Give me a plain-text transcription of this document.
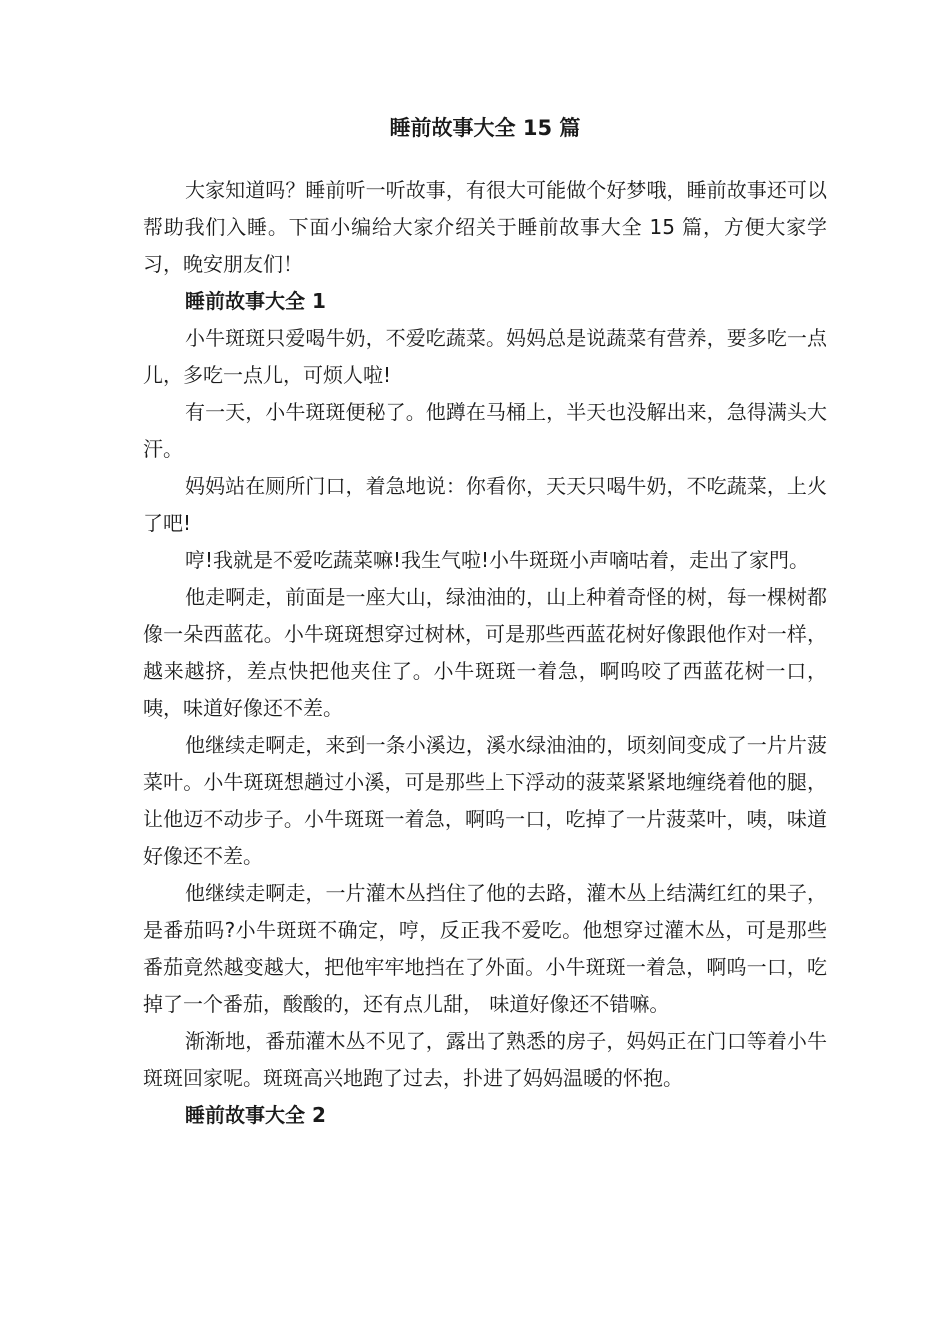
睡前故事大全 15 篇

大家知道吗？睡前听一听故事，有很大可能做个好梦哦，睡前故事还可以帮助我们入睡。下面小编给大家介绍关于睡前故事大全 15 篇，方便大家学习，晚安朋友们！

睡前故事大全 1

小牛斑斑只爱喝牛奶，不爱吃蔬菜。妈妈总是说蔬菜有营养，要多吃一点儿，多吃一点儿，可烦人啦!

有一天，小牛斑斑便秘了。他蹲在马桶上，半天也没解出来，急得满头大汗。

妈妈站在厕所门口，着急地说：你看你，天天只喝牛奶，不吃蔬菜，上火了吧!

哼!我就是不爱吃蔬菜嘛!我生气啦!小牛斑斑小声嘀咕着，走出了家門。

他走啊走，前面是一座大山，绿油油的，山上种着奇怪的树，每一棵树都像一朵西蓝花。小牛斑斑想穿过树林，可是那些西蓝花树好像跟他作对一样，越来越挤，差点快把他夹住了。小牛斑斑一着急，啊呜咬了西蓝花树一口，咦，味道好像还不差。

他继续走啊走，来到一条小溪边，溪水绿油油的，顷刻间变成了一片片菠菜叶。小牛斑斑想趟过小溪，可是那些上下浮动的菠菜紧紧地缠绕着他的腿，让他迈不动步子。小牛斑斑一着急，啊呜一口，吃掉了一片菠菜叶，咦，味道好像还不差。

他继续走啊走，一片灌木丛挡住了他的去路，灌木丛上结满红红的果子，是番茄吗?小牛斑斑不确定，哼，反正我不爱吃。他想穿过灌木丛，可是那些番茄竟然越变越大，把他牢牢地挡在了外面。小牛斑斑一着急，啊呜一口，吃掉了一个番茄，酸酸的，还有点儿甜， 味道好像还不错嘛。

渐渐地，番茄灌木丛不见了，露出了熟悉的房子，妈妈正在门口等着小牛斑斑回家呢。斑斑高兴地跑了过去，扑进了妈妈温暖的怀抱。

睡前故事大全 2
